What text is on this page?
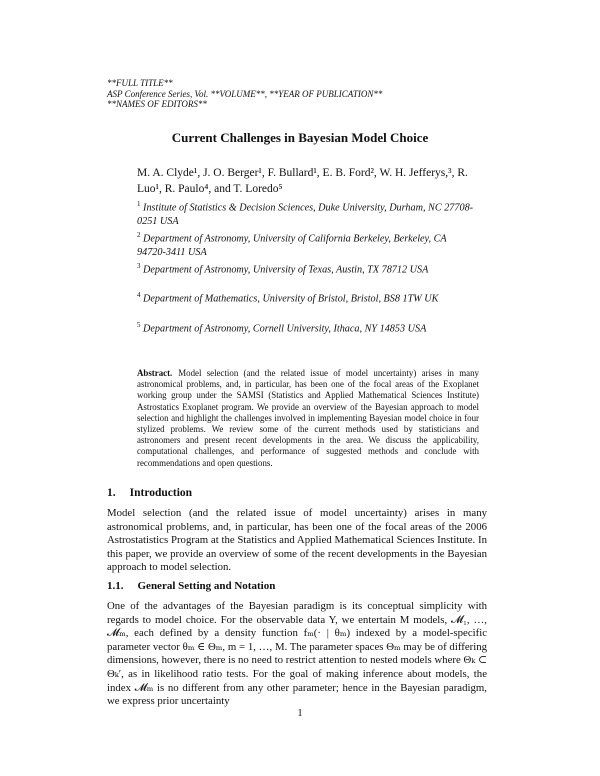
**FULL TITLE**
ASP Conference Series, Vol. **VOLUME**, **YEAR OF PUBLICATION**
**NAMES OF EDITORS**
Current Challenges in Bayesian Model Choice
M. A. Clyde¹, J. O. Berger¹, F. Bullard¹, E. B. Ford², W. H. Jefferys,³, R. Luo¹, R. Paulo⁴, and T. Loredo⁵
$^1$ Institute of Statistics & Decision Sciences, Duke University, Durham, NC 27708-0251 USA
$^2$ Department of Astronomy, University of California Berkeley, Berkeley, CA 94720-3411 USA
$^3$ Department of Astronomy, University of Texas, Austin, TX 78712 USA
$^4$ Department of Mathematics, University of Bristol, Bristol, BS8 1TW UK
$^5$ Department of Astronomy, Cornell University, Ithaca, NY 14853 USA
Abstract. Model selection (and the related issue of model uncertainty) arises in many astronomical problems, and, in particular, has been one of the focal areas of the Exoplanet working group under the SAMSI (Statistics and Applied Mathematical Sciences Institute) Astrostatics Exoplanet program. We provide an overview of the Bayesian approach to model selection and highlight the challenges involved in implementing Bayesian model choice in four stylized problems. We review some of the current methods used by statisticians and astronomers and present recent developments in the area. We discuss the applicability, computational challenges, and performance of suggested methods and conclude with recommendations and open questions.
1. Introduction
Model selection (and the related issue of model uncertainty) arises in many astronomical problems, and, in particular, has been one of the focal areas of the 2006 Astrostatistics Program at the Statistics and Applied Mathematical Sciences Institute. In this paper, we provide an overview of some of the recent developments in the Bayesian approach to model selection.
1.1. General Setting and Notation
One of the advantages of the Bayesian paradigm is its conceptual simplicity with regards to model choice. For the observable data Y, we entertain M models, 𝓜₁, …, 𝓜ₘ, each defined by a density function fₘ(· | θₘ) indexed by a model-specific parameter vector θₘ ∈ Θₘ, m = 1, …, M. The parameter spaces Θₘ may be of differing dimensions, however, there is no need to restrict attention to nested models where Θₖ ⊂ Θₖ′, as in likelihood ratio tests. For the goal of making inference about models, the index 𝓜ₘ is no different from any other parameter; hence in the Bayesian paradigm, we express prior uncertainty
1
